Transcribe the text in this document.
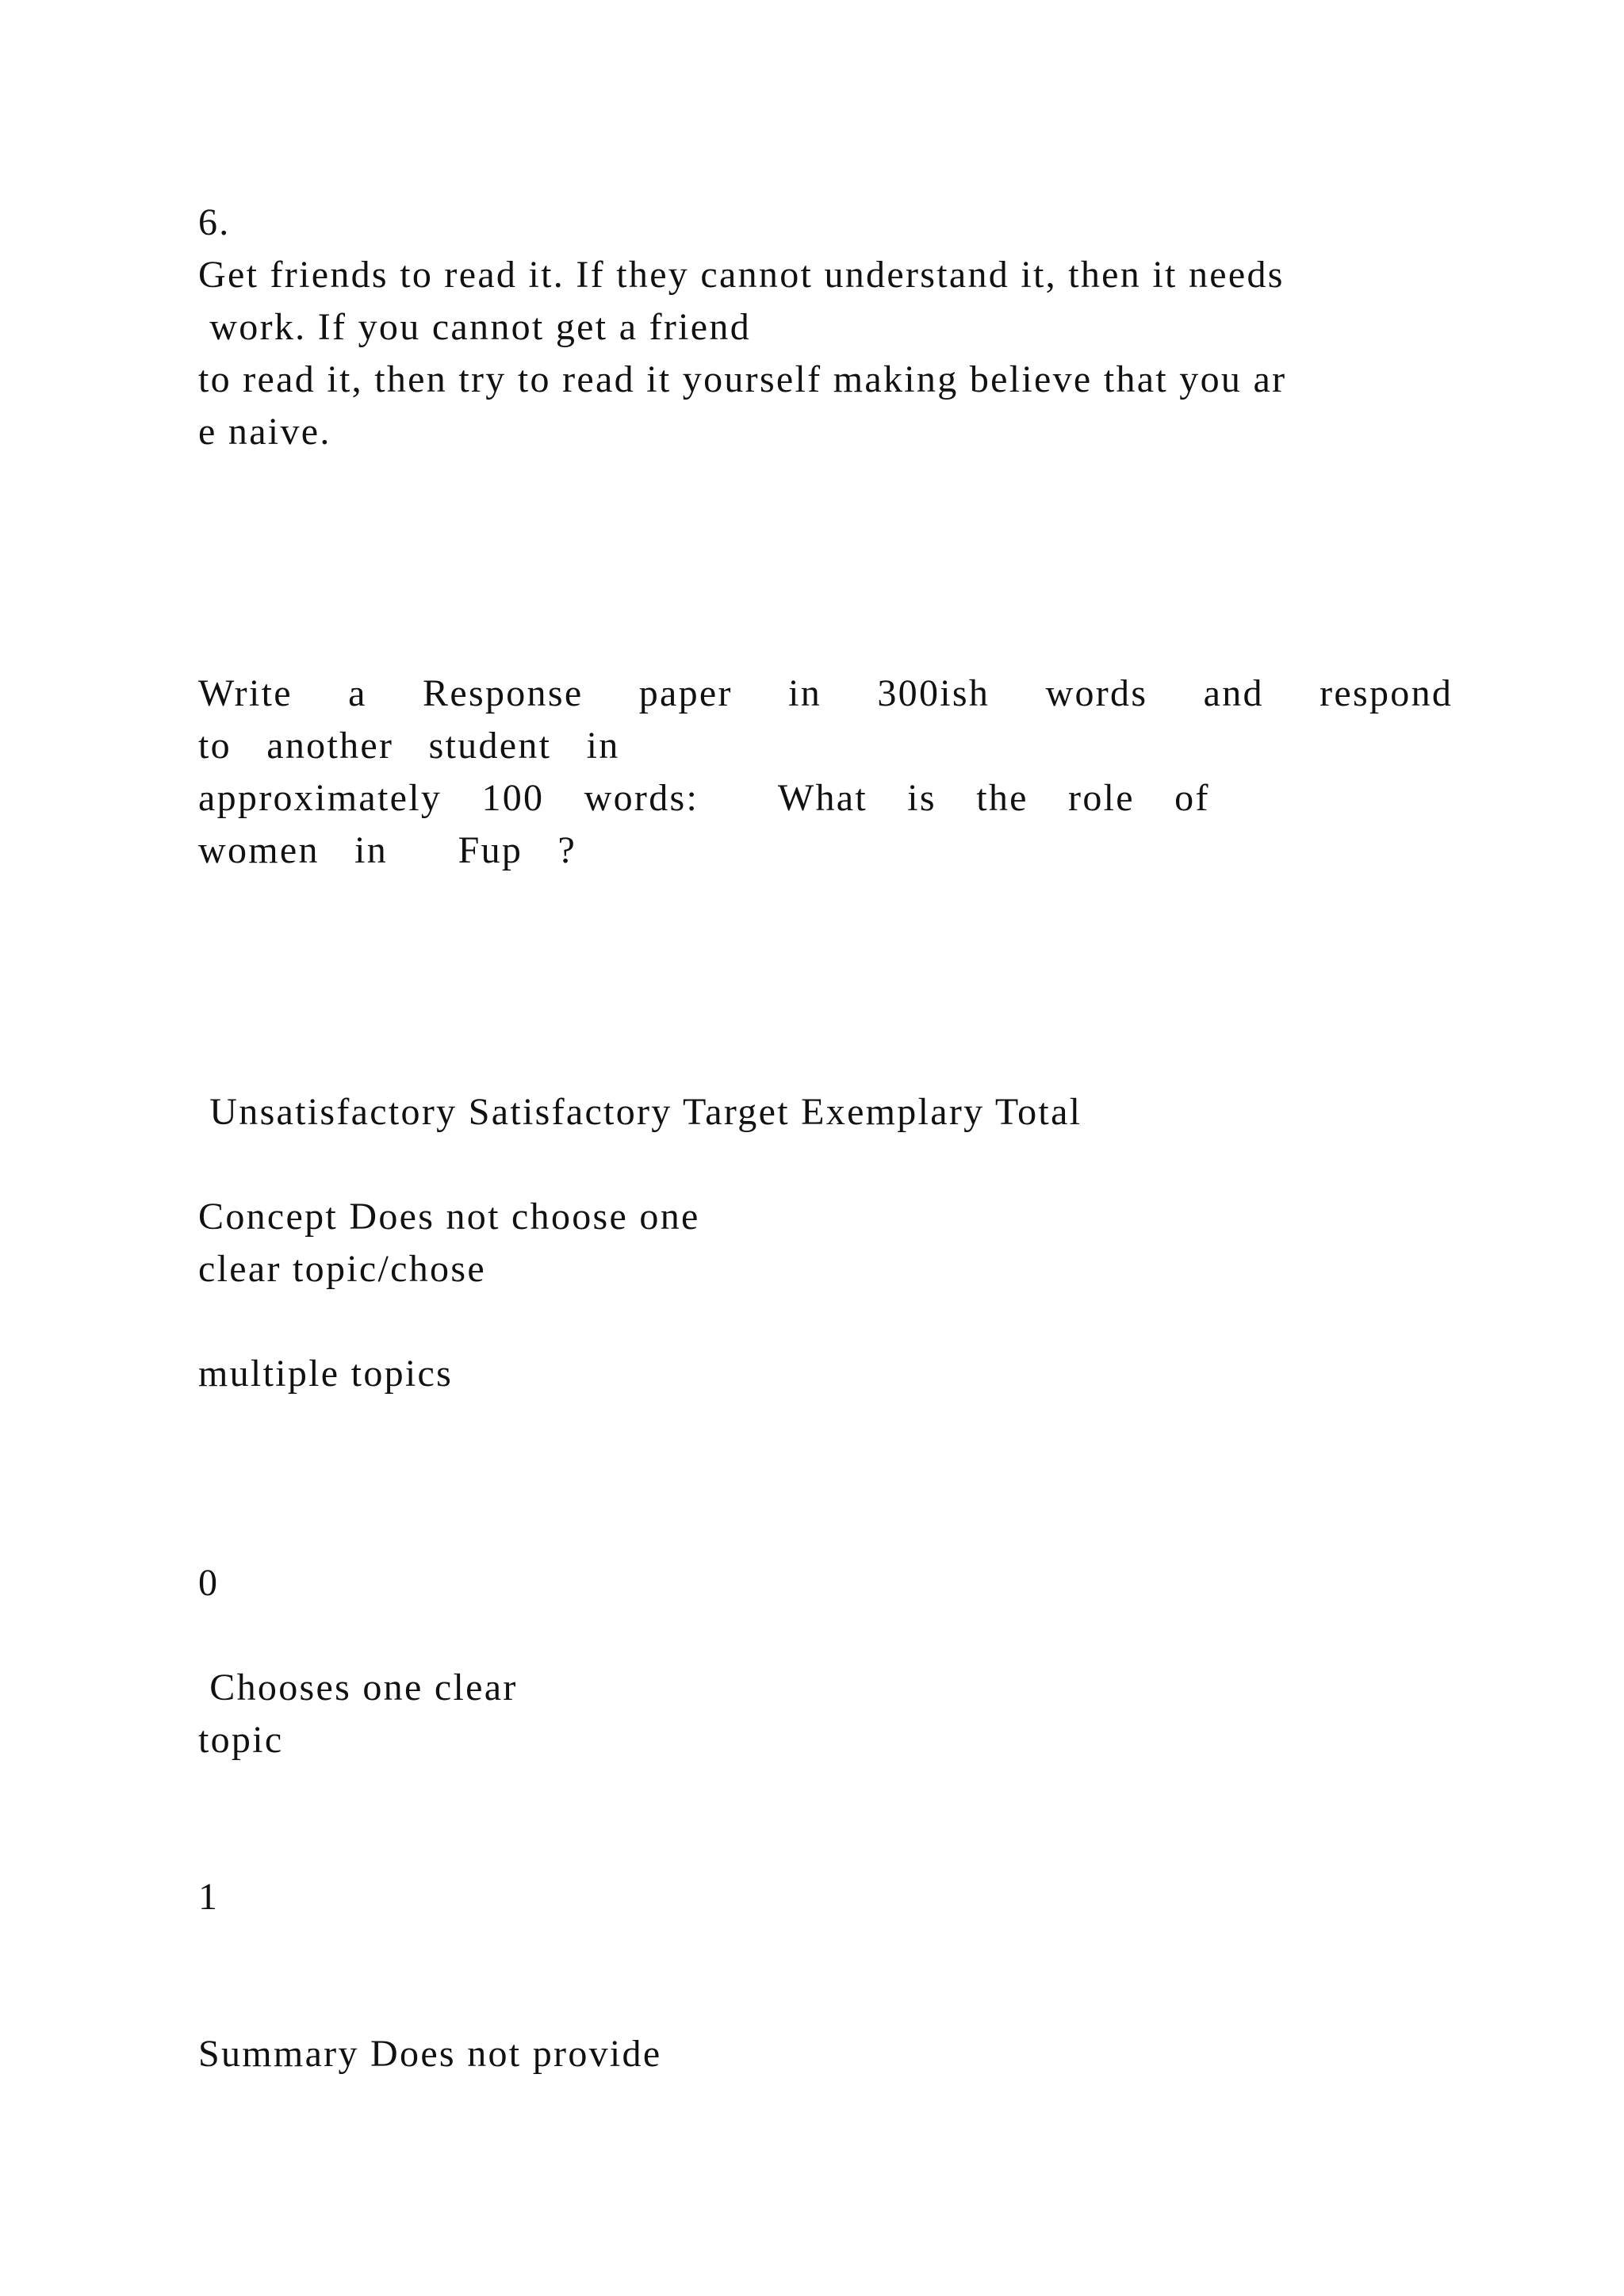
6.
Get friends to read it. If they cannot understand it, then it needs
work. If you cannot get a friend
to read it, then try to read it yourself making believe that you ar
e naive.
Write a Response paper in 300ish words and respond
to another student in
approximately 100 words:  What is the role of
women in  Fup ?
Unsatisfactory Satisfactory Target Exemplary Total
Concept Does not choose one
clear topic/chose
multiple topics
0
Chooses one clear
topic
1
Summary Does not provide
